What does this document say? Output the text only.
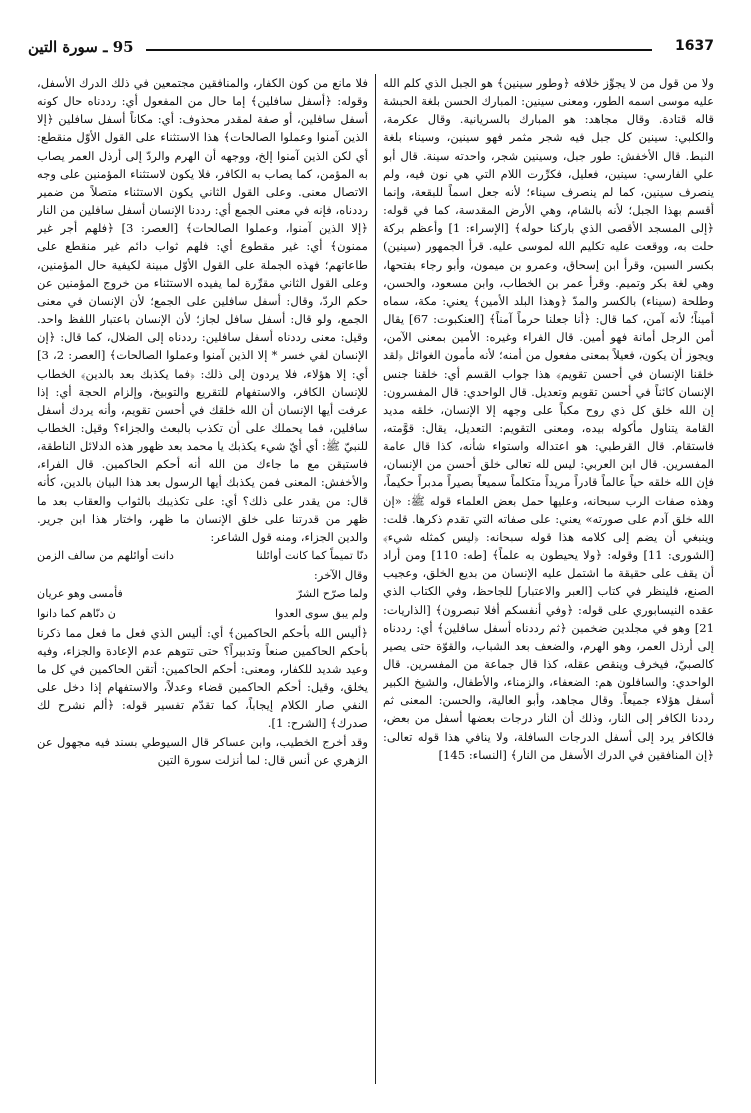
1637
95 ـ سورة التين

ولا من قول من لا يجوِّز خلافه ﴿وطور سينين﴾ هو الجبل الذي كلم الله عليه موسى اسمه الطور، ومعنى سينين: المبارك الحسن بلغة الحبشة قاله قتادة. وقال مجاهد: هو المبارك بالسريانية. وقال عكرمة، والكلبي: سينين كل جبل فيه شجر مثمر فهو سينين، وسيناء بلغة النبط. قال الأخفش: طور جبل، وسينين شجر، واحدته سينة. قال أبو علي الفارسي: سينين، فعليل، فكرِّرت اللام التي هي نون فيه، ولم ينصرف سينين، كما لم ينصرف سيناء؛ لأنه جعل اسماً للبقعة، وإنما أقسم بهذا الجبل؛ لأنه بالشام، وهي الأرض المقدسة، كما في قوله: ﴿إلى المسجد الأقصى الذي باركنا حوله﴾ [الإسراء: 1] وأعظم بركة حلت به، ووقعت عليه تكليم الله لموسى عليه. قرأ الجمهور (سينين) بكسر السين، وقرأ ابن إسحاق، وعمرو بن ميمون، وأبو رجاء بفتحها، وهي لغة بكر وتميم. وقرأ عمر بن الخطاب، وابن مسعود، والحسن، وطلحة (سيناء) بالكسر والمدّ ﴿وهذا البلد الأمين﴾ يعني: مكة، سماه أميناً؛ لأنه آمن، كما قال: ﴿أنا جعلنا حرماً آمناً﴾ [العنكبوت: 67] يقال أمن الرجل أمانة فهو أمين. قال الفراء وغيره: الأمين بمعنى الآمن، ويجوز أن يكون، فعيلاً بمعنى مفعول من أمنه؛ لأنه مأمون الغوائل ﴿لقد خلقنا الإنسان في أحسن تقويم﴾ هذا جواب القسم أي: خلقنا جنس الإنسان كائناً في أحسن تقويم وتعديل. قال الواحدي: قال المفسرون: إن الله خلق كل ذي روح مكباً على وجهه إلا الإنسان، خلقه مديد القامة يتناول مأكوله بيده، ومعنى التقويم: التعديل، يقال: قوَّمته، فاستقام. قال القرطبي: هو اعتداله واستواء شأنه، كذا قال عامة المفسرين. قال ابن العربي: ليس لله تعالى خلق أحسن من الإنسان، فإن الله خلقه حياً عالماً قادراً مريداً متكلماً سميعاً بصيراً مدبراً حكيماً، وهذه صفات الرب سبحانه، وعليها حمل بعض العلماء قوله ﷺ: «إن الله خلق آدم على صورته» يعني: على صفاته التي تقدم ذكرها. قلت: وينبغي أن يضم إلى كلامه هذا قوله سبحانه: ﴿ليس كمثله شيء﴾ [الشورى: 11] وقوله: ﴿ولا يحيطون به علماً﴾ [طه: 110] ومن أراد أن يقف على حقيقة ما اشتمل عليه الإنسان من بديع الخلق، وعجيب الصنع، فلينظر في كتاب [العبر والاعتبار] للجاحظ، وفي الكتاب الذي عقده النيسابوري على قوله: ﴿وفي أنفسكم أفلا تبصرون﴾ [الذاريات: 21] وهو في مجلدين ضخمين ﴿ثم رددناه أسفل سافلين﴾ أي: رددناه إلى أرذل العمر، وهو الهرم، والضعف بعد الشباب، والقوّة حتى يصير كالصبيّ، فيخرف وينقص عقله، كذا قال جماعة من المفسرين. قال الواحدي: والسافلون هم: الضعفاء، والزمناء، والأطفال، والشيخ الكبير أسفل هؤلاء جميعاً. وقال مجاهد، وأبو العالية، والحسن: المعنى ثم رددنا الكافر إلى النار، وذلك أن النار درجات بعضها أسفل من بعض، فالكافر يرد إلى أسفل الدرجات السافلة، ولا ينافي هذا قوله تعالى: ﴿إن المنافقين في الدرك الأسفل من النار﴾ [النساء: 145]

فلا مانع من كون الكفار، والمنافقين مجتمعين في ذلك الدرك الأسفل، وقوله: ﴿أسفل سافلين﴾ إما حال من المفعول أي: رددناه حال كونه أسفل سافلين، أو صفة لمقدر محذوف: أي: مكاناً أسفل سافلين ﴿إلا الذين آمنوا وعملوا الصالحات﴾ هذا الاستثناء على القول الأوّل منقطع: أي لكن الذين آمنوا إلخ، ووجهه أن الهرم والردّ إلى أرذل العمر يصاب به المؤمن، كما يصاب به الكافر، فلا يكون لاستثناء المؤمنين على وجه الاتصال معنى. وعلى القول الثاني يكون الاستثناء متصلاً من ضمير رددناه، فإنه في معنى الجمع أي: رددنا الإنسان أسفل سافلين من النار ﴿إلا الذين آمنوا، وعملوا الصالحات﴾ [العصر: 3] ﴿فلهم أجر غير ممنون﴾ أي: غير مقطوع أي: فلهم ثواب دائم غير منقطع على طاعاتهم؛ فهذه الجملة على القول الأوّل مبينة لكيفية حال المؤمنين، وعلى القول الثاني مقرِّرة لما يفيده الاستثناء من خروج المؤمنين عن حكم الردّ، وقال: أسفل سافلين على الجمع؛ لأن الإنسان في معنى الجمع، ولو قال: أسفل سافل لجاز؛ لأن الإنسان باعتبار اللفظ واحد. وقيل: معنى رددناه أسفل سافلين: رددناه إلى الضلال، كما قال: ﴿إن الإنسان لفي خسر * إلا الذين آمنوا وعملوا الصالحات﴾ [العصر: 2، 3] أي: إلا هؤلاء، فلا يردون إلى ذلك: ﴿فما يكذبك بعد بالدين﴾ الخطاب للإنسان الكافر، والاستفهام للتقريع والتوبيخ، وإلزام الحجة أي: إذا عرفت أيها الإنسان أن الله خلقك في أحسن تقويم، وأنه يردك أسفل سافلين، فما يحملك على أن تكذب بالبعث والجزاء؟ وقيل: الخطاب للنبيّ ﷺ: أي أيّ شيء يكذبك يا محمد بعد ظهور هذه الدلائل الناطقة، فاستيقن مع ما جاءك من الله أنه أحكم الحاكمين. قال الفراء، والأخفش: المعنى فمن يكذبك أيها الرسول بعد هذا البيان بالدين، كأنه قال: من يقدر على ذلك؟ أي: على تكذيبك بالثواب والعقاب بعد ما ظهر من قدرتنا على خلق الإنسان ما ظهر، واختار هذا ابن جرير. والدين الجزاء، ومنه قول الشاعر:

دنّا تميماً كما كانت أوائلنا
دانت أوائلهم من سالف الزمن

وقال الآخر:

ولما صرّح الشرّ
فأمسى وهو عريان
ولم يبق سوى العدوا
ن دنّاهم كما دانوا

﴿أليس الله بأحكم الحاكمين﴾ أي: أليس الذي فعل ما فعل مما ذكرنا بأحكم الحاكمين صنعاً وتدبيراً؟ حتى تتوهم عدم الإعادة والجزاء، وفيه وعيد شديد للكفار، ومعنى: أحكم الحاكمين: أتقن الحاكمين في كل ما يخلق، وقيل: أحكم الحاكمين قضاء وعدلاً، والاستفهام إذا دخل على النفي صار الكلام إيجاباً، كما تقدّم تفسير قوله: ﴿ألم نشرح لك صدرك﴾ [الشرح: 1].

وقد أخرج الخطيب، وابن عساكر قال السيوطي بسند فيه مجهول عن الزهري عن أنس قال: لما أنزلت سورة التين
